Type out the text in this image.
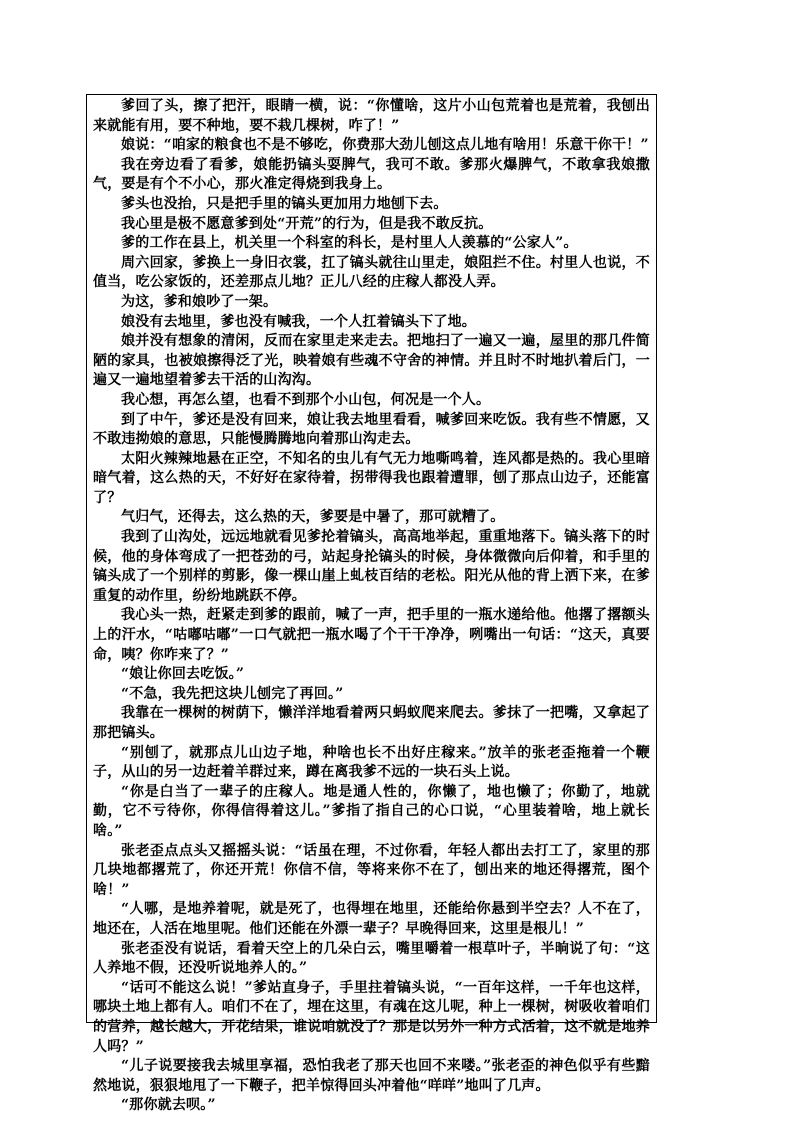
爹回了头，擦了把汗，眼睛一横，说：“你懂啥，这片小山包荒着也是荒着，我刨出来就能有用，要不种地，要不栽几棵树，咋了！”

娘说：“咱家的粮食也不是不够吃，你费那大劲儿刨这点儿地有啥用！乐意干你干！”

我在旁边看了看爹，娘能扔镐头耍脾气，我可不敢。爹那火爆脾气，不敢拿我娘撒气，要是有个不小心，那火准定得烧到我身上。

爹头也没抬，只是把手里的镐头更加用力地刨下去。

我心里是极不愿意爹到处“开荒”的行为，但是我不敢反抗。

爹的工作在县上，机关里一个科室的科长，是村里人人羡慕的“公家人”。

周六回家，爹换上一身旧衣裳，扛了镐头就往山里走，娘阻拦不住。村里人也说，不值当，吃公家饭的，还差那点儿地？正儿八经的庄稼人都没人弄。

为这，爹和娘吵了一架。

娘没有去地里，爹也没有喊我，一个人扛着镐头下了地。

娘并没有想象的清闲，反而在家里走来走去。把地扫了一遍又一遍，屋里的那几件简陋的家具，也被娘擦得泛了光，映着娘有些魂不守舍的神情。并且时不时地扒着后门，一遍又一遍地望着爹去干活的山沟沟。

我心想，再怎么望，也看不到那个小山包，何况是一个人。

到了中午，爹还是没有回来，娘让我去地里看看，喊爹回来吃饭。我有些不情愿，又不敢违拗娘的意思，只能慢腾腾地向着那山沟走去。

太阳火辣辣地悬在正空，不知名的虫儿有气无力地嘶鸣着，连风都是热的。我心里暗暗气着，这么热的天，不好好在家待着，拐带得我也跟着遭罪，刨了那点山边子，还能富了？

气归气，还得去，这么热的天，爹要是中暑了，那可就糟了。

我到了山沟处，远远地就看见爹抡着镐头，高高地举起，重重地落下。镐头落下的时候，他的身体弯成了一把苍劲的弓，站起身抡镐头的时候，身体微微向后仰着，和手里的镐头成了一个别样的剪影，像一棵山崖上虬枝百结的老松。阳光从他的背上洒下来，在爹重复的动作里，纷纷地跳跃不停。

我心头一热，赶紧走到爹的跟前，喊了一声，把手里的一瓶水递给他。他撂了撂额头上的汗水，“咕嘟咕嘟”一口气就把一瓶水喝了个干干净净，咧嘴出一句话：“这天，真要命，咦？你咋来了？”

“娘让你回去吃饭。”

“不急，我先把这块儿刨完了再回。”

我靠在一棵树的树荫下，懒洋洋地看着两只蚂蚁爬来爬去。爹抹了一把嘴，又拿起了那把镐头。

“别刨了，就那点儿山边子地，种啥也长不出好庄稼来。”放羊的张老歪拖着一个鞭子，从山的另一边赶着羊群过来，蹲在离我爹不远的一块石头上说。

“你是白当了一辈子的庄稼人。地是通人性的，你懒了，地也懒了；你勤了，地就勤，它不亏待你，你得信得着这儿。”爹指了指自己的心口说，“心里装着啥，地上就长啥。”

张老歪点点头又摇摇头说：“话虽在理，不过你看，年轻人都出去打工了，家里的那几块地都撂荒了，你还开荒！你信不信，等将来你不在了，刨出来的地还得撂荒，图个啥！”

“人哪，是地养着呢，就是死了，也得埋在地里，还能给你悬到半空去？人不在了，地还在，人活在地里呢。他们还能在外漂一辈子？早晚得回来，这里是根儿！”

张老歪没有说话，看着天空上的几朵白云，嘴里嚼着一根草叶子，半晌说了句：“这人养地不假，还没听说地养人的。”

“话可不能这么说！”爹站直身子，手里拄着镐头说，“一百年这样，一千年也这样，哪块土地上都有人。咱们不在了，埋在这里，有魂在这儿呢，种上一棵树，树吸收着咱们的营养，越长越大，开花结果，谁说咱就没了？那是以另外一种方式活着，这不就是地养人吗？”

“儿子说要接我去城里享福，恐怕我老了那天也回不来喽。”张老歪的神色似乎有些黯然地说，狠狠地甩了一下鞭子，把羊惊得回头冲着他“咩咩”地叫了几声。

“那你就去呗。”
